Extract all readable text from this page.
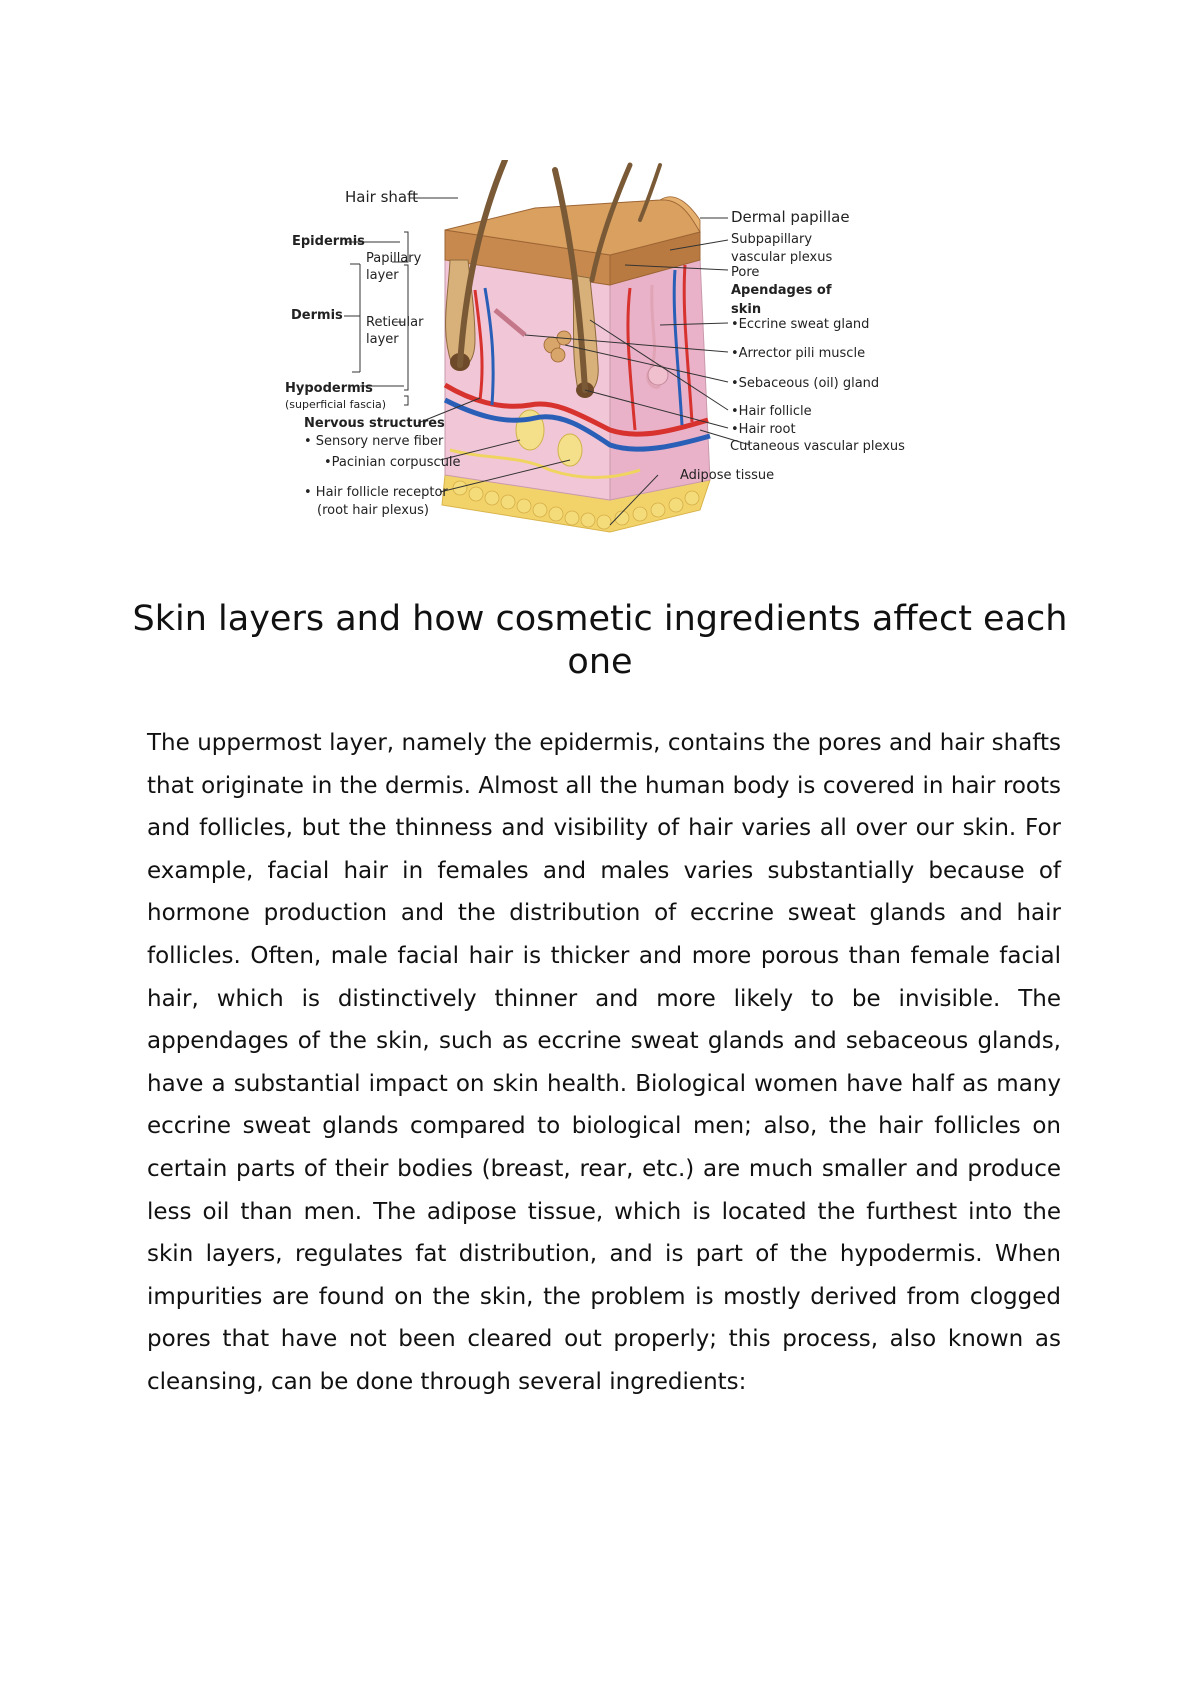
Hair shaft
Epidermis
Papillary
layer
Dermis Reticular
layer
Hypodermis
(superficial fascia)
Nervous structures
• Sensory nerve fiber
•Pacinian corpuscule
• Hair follicle receptor
(root hair plexus)
Dermal papillae
Subpapillary
vascular plexus
Pore
Apendages of
skin
•Eccrine sweat gland
•Arrector pili muscle
•Sebaceous (oil) gland
•Hair follicle
•Hair root
Cutaneous vascular plexus
Adipose tissue
Skin layers and how cosmetic ingredients affect each one

The uppermost layer, namely the epidermis, contains the pores and hair shafts that originate in the dermis. Almost all the human body is covered in hair roots and follicles, but the thinness and visibility of hair varies all over our skin. For example, facial hair in females and males varies substantially because of hormone production and the distribution of eccrine sweat glands and hair follicles. Often, male facial hair is thicker and more porous than female facial hair, which is distinctively thinner and more likely to be invisible. The appendages of the skin, such as eccrine sweat glands and sebaceous glands, have a substantial impact on skin health. Biological women have half as many eccrine sweat glands compared to biological men; also, the hair follicles on certain parts of their bodies (breast, rear, etc.) are much smaller and produce less oil than men. The adipose tissue, which is located the furthest into the skin layers, regulates fat distribution, and is part of the hypodermis. When impurities are found on the skin, the problem is mostly derived from clogged pores that have not been cleared out properly; this process, also known as cleansing, can be done through several ingredients:
